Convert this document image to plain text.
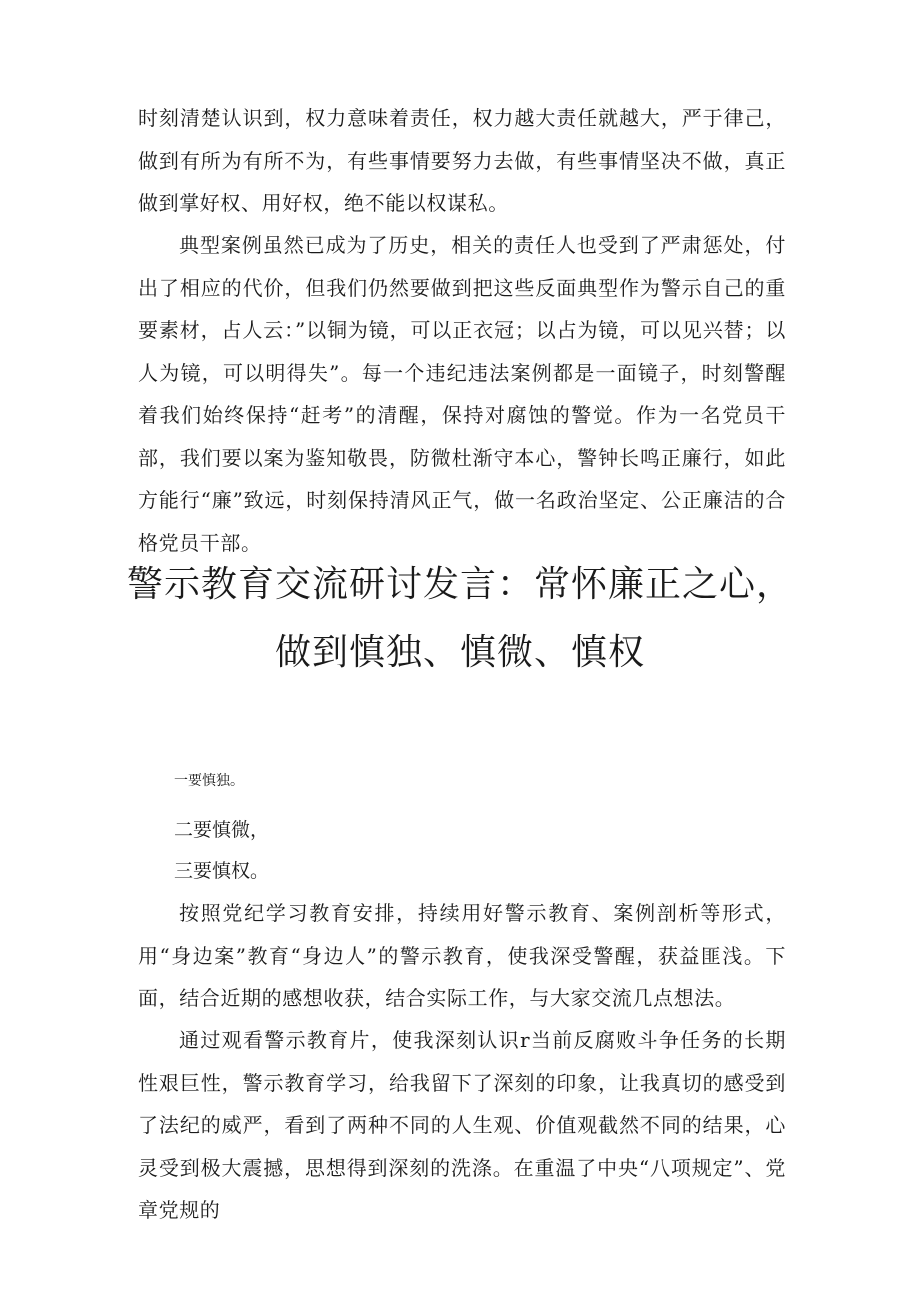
时刻清楚认识到，权力意味着责任，权力越大责任就越大，严于律己，做到有所为有所不为，有些事情要努力去做，有些事情坚决不做，真正做到掌好权、用好权，绝不能以权谋私。

典型案例虽然已成为了历史，相关的责任人也受到了严肃惩处，付出了相应的代价，但我们仍然要做到把这些反面典型作为警示自己的重要素材，占人云：”以铜为镜，可以正衣冠；以占为镜，可以见兴替；以人为镜，可以明得失”。每一个违纪违法案例都是一面镜子，时刻警醒着我们始终保持“赶考”的清醒，保持对腐蚀的警觉。作为一名党员干部，我们要以案为鉴知敬畏，防微杜渐守本心，警钟长鸣正廉行，如此方能行“廉”致远，时刻保持清风正气，做一名政治坚定、公正廉洁的合格党员干部。

警示教育交流研讨发言：常怀廉正之心，
做到慎独、慎微、慎权

一要慎独。

二要慎微，

三要慎权。

按照党纪学习教育安排，持续用好警示教育、案例剖析等形式，用“身边案”教育“身边人”的警示教育，使我深受警醒，获益匪浅。下面，结合近期的感想收获，结合实际工作，与大家交流几点想法。

通过观看警示教育片，使我深刻认识r当前反腐败斗争任务的长期性艰巨性，警示教育学习，给我留下了深刻的印象，让我真切的感受到了法纪的威严，看到了两种不同的人生观、价值观截然不同的结果，心灵受到极大震撼，思想得到深刻的洗涤。在重温了中央“八项规定”、党章党规的
